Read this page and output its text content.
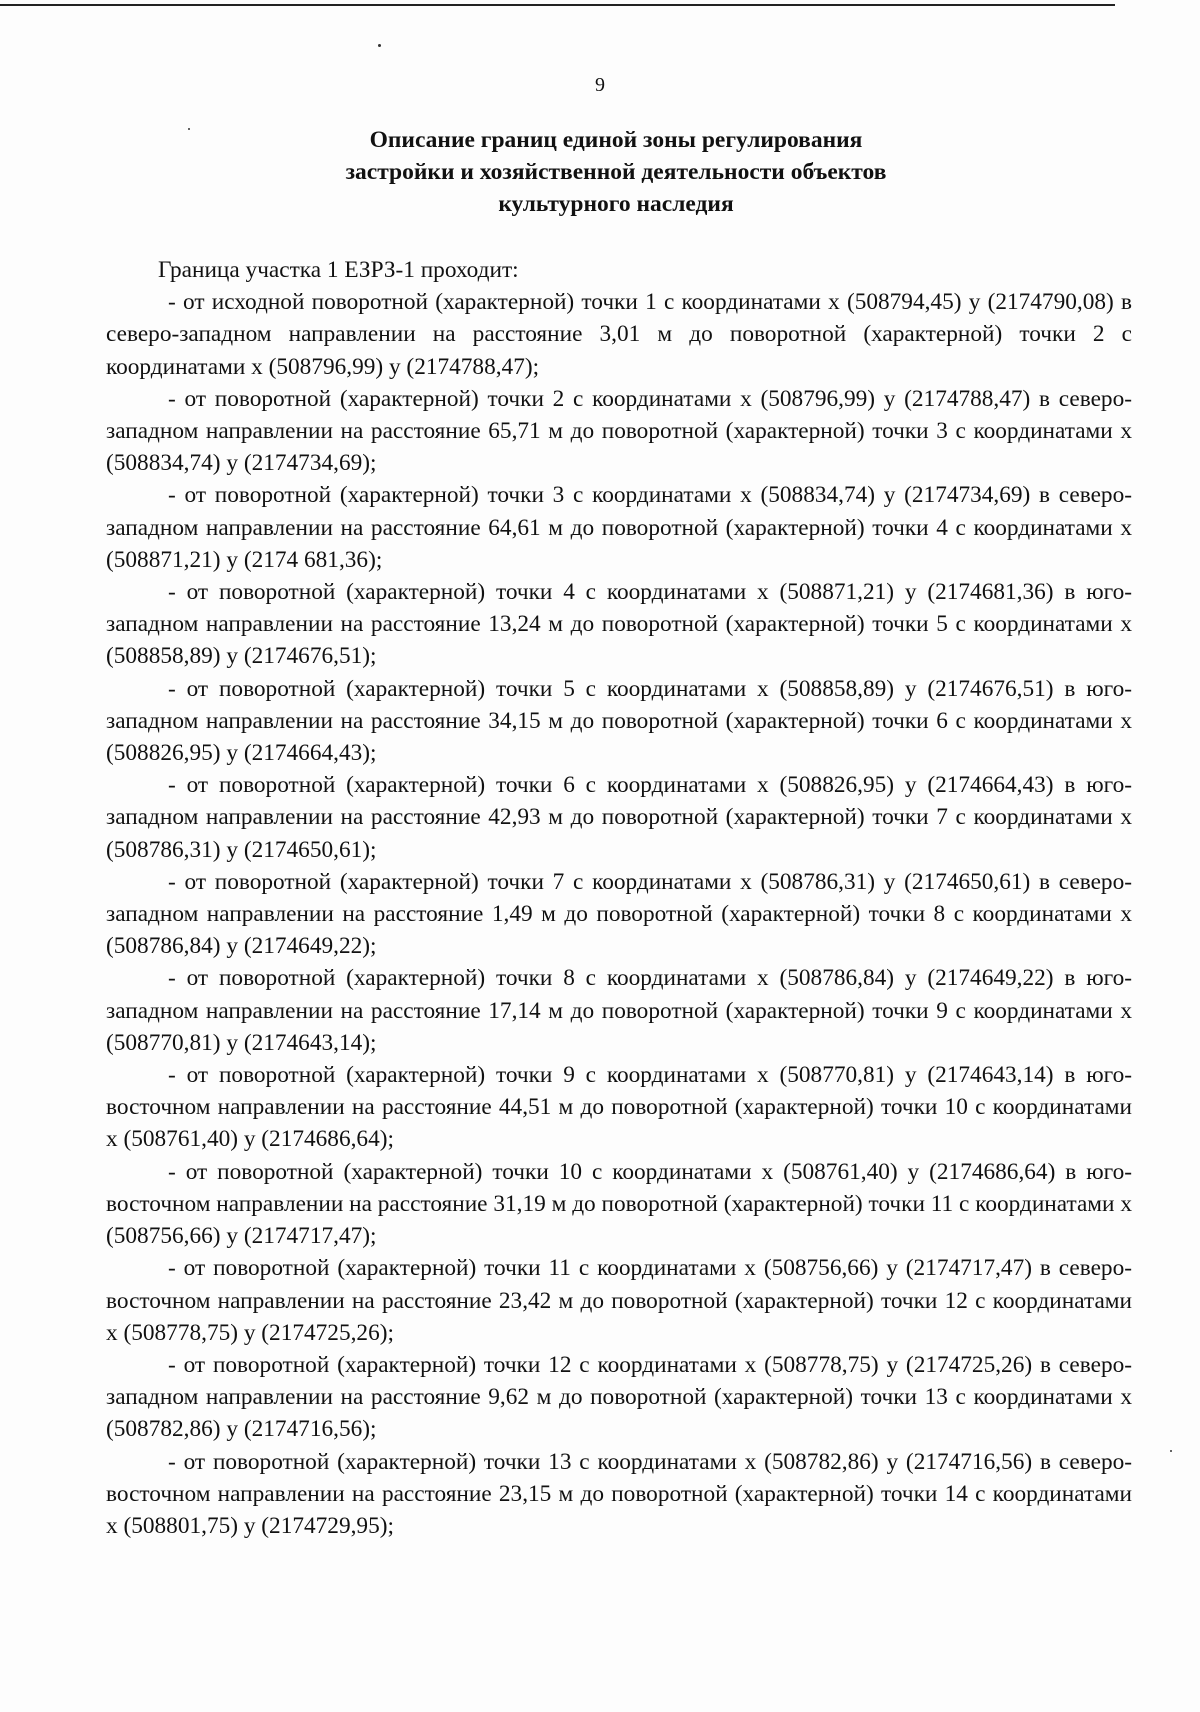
9
Описание границ единой зоны регулирования
застройки и хозяйственной деятельности объектов
культурного наследия

Граница участка 1 ЕЗРЗ-1 проходит:

- от исходной поворотной (характерной) точки 1 с координатами x (508794,45) y (2174790,08) в северо-западном направлении на расстояние 3,01 м до поворотной (характерной) точки 2 с координатами x (508796,99) y (2174788,47);

- от поворотной (характерной) точки 2 с координатами x (508796,99) y (2174788,47) в северо-западном направлении на расстояние 65,71 м до поворотной (характерной) точки 3 с координатами x (508834,74) y (2174734,69);

- от поворотной (характерной) точки 3 с координатами x (508834,74) y (2174734,69) в северо-западном направлении на расстояние 64,61 м до поворотной (характерной) точки 4 с координатами x (508871,21) y (2174 681,36);

- от поворотной (характерной) точки 4 с координатами x (508871,21) y (2174681,36) в юго-западном направлении на расстояние 13,24 м до поворотной (характерной) точки 5 с координатами x (508858,89) y (2174676,51);

- от поворотной (характерной) точки 5 с координатами x (508858,89) y (2174676,51) в юго-западном направлении на расстояние 34,15 м до поворотной (характерной) точки 6 с координатами x (508826,95) y (2174664,43);

- от поворотной (характерной) точки 6 с координатами x (508826,95) y (2174664,43) в юго-западном направлении на расстояние 42,93 м до поворотной (характерной) точки 7 с координатами x (508786,31) y (2174650,61);

- от поворотной (характерной) точки 7 с координатами x (508786,31) y (2174650,61) в северо-западном направлении на расстояние 1,49 м до поворотной (характерной) точки 8 с координатами x (508786,84) y (2174649,22);

- от поворотной (характерной) точки 8 с координатами x (508786,84) y (2174649,22) в юго-западном направлении на расстояние 17,14 м до поворотной (характерной) точки 9 с координатами x (508770,81) y (2174643,14);

- от поворотной (характерной) точки 9 с координатами x (508770,81) y (2174643,14) в юго-восточном направлении на расстояние 44,51 м до поворотной (характерной) точки 10 с координатами x (508761,40) y (2174686,64);

- от поворотной (характерной) точки 10 с координатами x (508761,40) y (2174686,64) в юго-восточном направлении на расстояние 31,19 м до поворотной (характерной) точки 11 с координатами x (508756,66) y (2174717,47);

- от поворотной (характерной) точки 11 с координатами x (508756,66) y (2174717,47) в северо-восточном направлении на расстояние 23,42 м до поворотной (характерной) точки 12 с координатами x (508778,75) y (2174725,26);

- от поворотной (характерной) точки 12 с координатами x (508778,75) y (2174725,26) в северо-западном направлении на расстояние 9,62 м до поворотной (характерной) точки 13 с координатами x (508782,86) y (2174716,56);

- от поворотной (характерной) точки 13 с координатами x (508782,86) y (2174716,56) в северо-восточном направлении на расстояние 23,15 м до поворотной (характерной) точки 14 с координатами x (508801,75) y (2174729,95);
